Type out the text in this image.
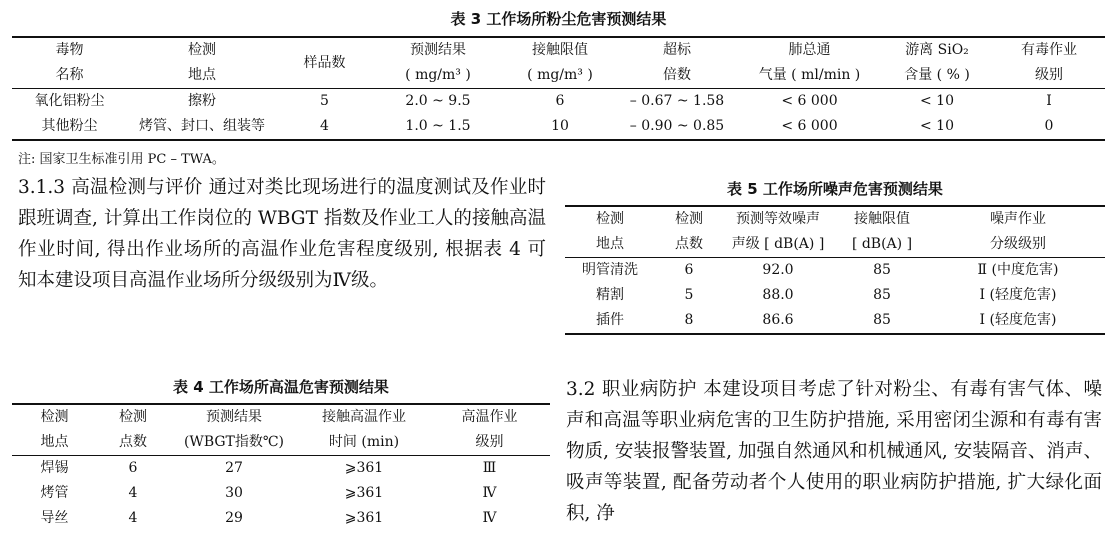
表 3 工作场所粉尘危害预测结果
毒物	检测	样品数	预测结果	接触限值	超标	肺总通	游离 SiO₂	有毒作业
名称	地点		( mg/m³ )	( mg/m³ )	倍数	气量 ( ml/min )	含量 ( % )	级别
氧化铝粉尘	擦粉	5	2.0 ~ 9.5	6	– 0.67 ~ 1.58	< 6 000	< 10	Ⅰ
其他粉尘	烤管、封口、组装等	4	1.0 ~ 1.5	10	– 0.90 ~ 0.85	< 6 000	< 10	0
注: 国家卫生标准引用 PC – TWA。
3.1.3 高温检测与评价 通过对类比现场进行的温度测试及作业时跟班调查, 计算出工作岗位的 WBGT 指数及作业工人的接触高温作业时间, 得出作业场所的高温作业危害程度级别, 根据表 4 可知本建设项目高温作业场所分级级别为Ⅳ级。
表 5 工作场所噪声危害预测结果
检测	检测	预测等效噪声	接触限值	噪声作业
地点	点数	声级 [ dB(A) ]	[ dB(A) ]	分级级别
明管清洗	6	92.0	85	Ⅱ (中度危害)
精割	5	88.0	85	Ⅰ (轻度危害)
插件	8	86.6	85	Ⅰ (轻度危害)
表 4 工作场所高温危害预测结果
检测	检测	预测结果	接触高温作业	高温作业
地点	点数	(WBGT指数℃)	时间 (min)	级别
焊锡	6	27	⩾361	Ⅲ
烤管	4	30	⩾361	Ⅳ
导丝	4	29	⩾361	Ⅳ
3.2 职业病防护 本建设项目考虑了针对粉尘、有毒有害气体、噪声和高温等职业病危害的卫生防护措施, 采用密闭尘源和有毒有害物质, 安装报警装置, 加强自然通风和机械通风, 安装隔音、消声、吸声等装置, 配备劳动者个人使用的职业病防护措施, 扩大绿化面积, 净
